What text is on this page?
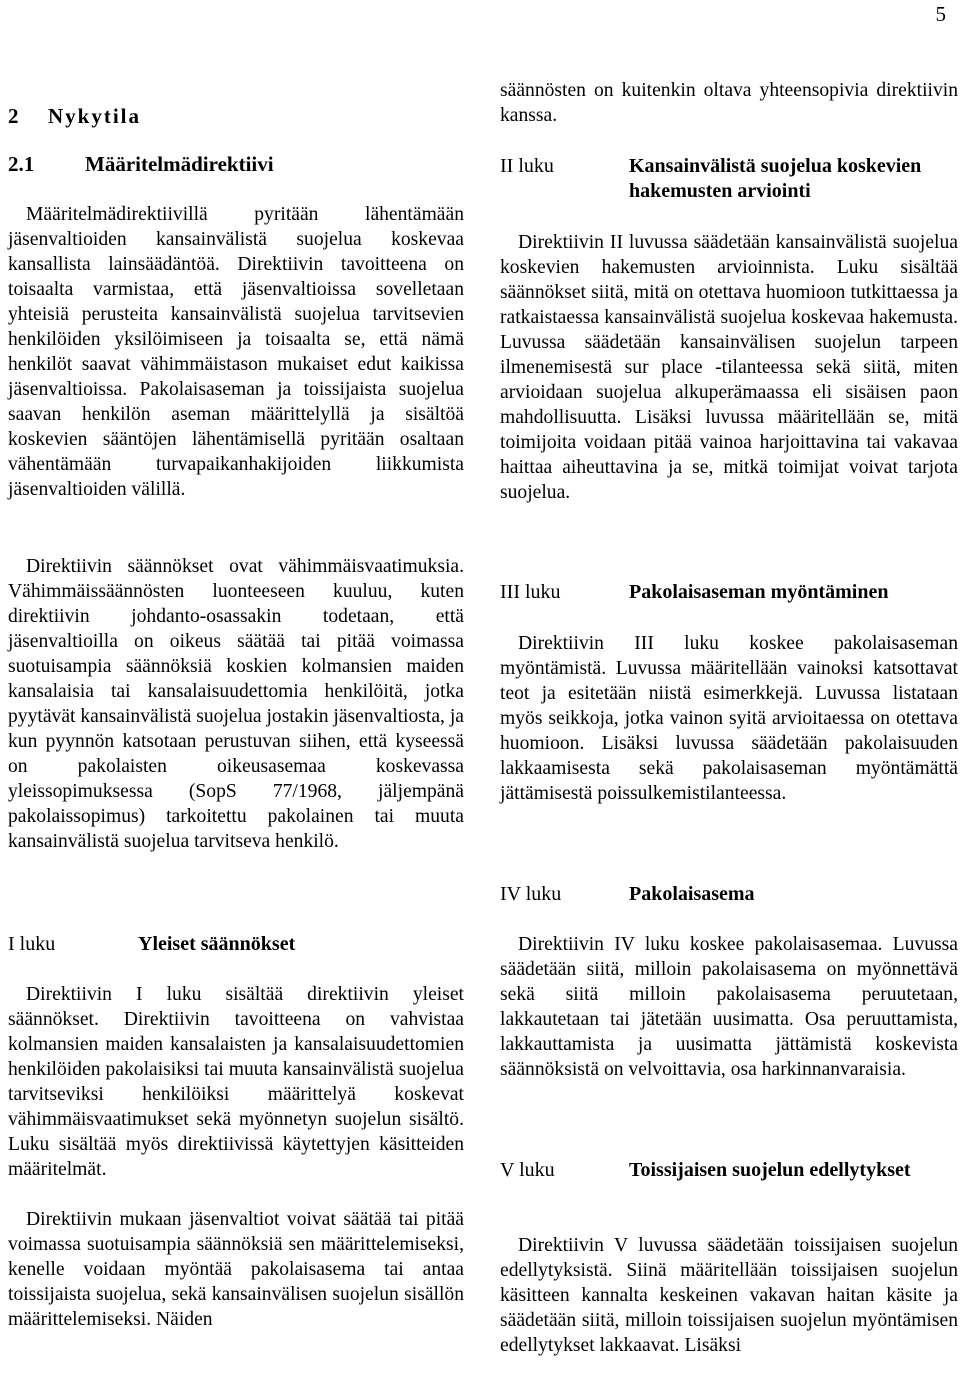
5
2 Nykytila
2.1 Määritelmädirektiivi

Määritelmädirektiivillä pyritään lähentämään jäsenvaltioiden kansainvälistä suojelua koskevaa kansallista lainsäädäntöä. Direktiivin tavoitteena on toisaalta varmistaa, että jäsenvaltioissa sovelletaan yhteisiä perusteita kansainvälistä suojelua tarvitsevien henkilöiden yksilöimiseen ja toisaalta se, että nämä henkilöt saavat vähimmäistason mukaiset edut kaikissa jäsenvaltioissa. Pakolaisaseman ja toissijaista suojelua saavan henkilön aseman määrittelyllä ja sisältöä koskevien sääntöjen lähentämisellä pyritään osaltaan vähentämään turvapaikanhakijoiden liikkumista jäsenvaltioiden välillä.

Direktiivin säännökset ovat vähimmäisvaatimuksia. Vähimmäissäännösten luonteeseen kuuluu, kuten direktiivin johdanto-osassakin todetaan, että jäsenvaltioilla on oikeus säätää tai pitää voimassa suotuisampia säännöksiä koskien kolmansien maiden kansalaisia tai kansalaisuudettomia henkilöitä, jotka pyytävät kansainvälistä suojelua jostakin jäsenvaltiosta, ja kun pyynnön katsotaan perustuvan siihen, että kyseessä on pakolaisten oikeusasemaa koskevassa yleissopimuksessa (SopS 77/1968, jäljempänä pakolaissopimus) tarkoitettu pakolainen tai muuta kansainvälistä suojelua tarvitseva henkilö.

I luku	Yleiset säännökset

Direktiivin I luku sisältää direktiivin yleiset säännökset. Direktiivin tavoitteena on vahvistaa kolmansien maiden kansalaisten ja kansalaisuudettomien henkilöiden pakolaisiksi tai muuta kansainvälistä suojelua tarvitseviksi henkilöiksi määrittelyä koskevat vähimmäisvaatimukset sekä myönnetyn suojelun sisältö. Luku sisältää myös direktiivissä käytettyjen käsitteiden määritelmät.

Direktiivin mukaan jäsenvaltiot voivat säätää tai pitää voimassa suotuisampia säännöksiä sen määrittelemiseksi, kenelle voidaan myöntää pakolaisasema tai antaa toissijaista suojelua, sekä kansainvälisen suojelun sisällön määrittelemiseksi. Näiden

säännösten on kuitenkin oltava yhteensopivia direktiivin kanssa.

II luku	Kansainvälistä suojelua koskevien hakemusten arviointi

Direktiivin II luvussa säädetään kansainvälistä suojelua koskevien hakemusten arvioinnista. Luku sisältää säännökset siitä, mitä on otettava huomioon tutkittaessa ja ratkaistaessa kansainvälistä suojelua koskevaa hakemusta. Luvussa säädetään kansainvälisen suojelun tarpeen ilmenemisestä sur place -tilanteessa sekä siitä, miten arvioidaan suojelua alkuperämaassa eli sisäisen paon mahdollisuutta. Lisäksi luvussa määritellään se, mitä toimijoita voidaan pitää vainoa harjoittavina tai vakavaa haittaa aiheuttavina ja se, mitkä toimijat voivat tarjota suojelua.

III luku	Pakolaisaseman myöntäminen

Direktiivin III luku koskee pakolaisaseman myöntämistä. Luvussa määritellään vainoksi katsottavat teot ja esitetään niistä esimerkkejä. Luvussa listataan myös seikkoja, jotka vainon syitä arvioitaessa on otettava huomioon. Lisäksi luvussa säädetään pakolaisuuden lakkaamisesta sekä pakolaisaseman myöntämättä jättämisestä poissulkemistilanteessa.

IV luku	Pakolaisasema

Direktiivin IV luku koskee pakolaisasemaa. Luvussa säädetään siitä, milloin pakolaisasema on myönnettävä sekä siitä milloin pakolaisasema peruutetaan, lakkautetaan tai jätetään uusimatta. Osa peruuttamista, lakkauttamista ja uusimatta jättämistä koskevista säännöksistä on velvoittavia, osa harkinnanvaraisia.

V luku	Toissijaisen suojelun edellytykset

Direktiivin V luvussa säädetään toissijaisen suojelun edellytyksistä. Siinä määritellään toissijaisen suojelun käsitteen kannalta keskeinen vakavan haitan käsite ja säädetään siitä, milloin toissijaisen suojelun myöntämisen edellytykset lakkaavat. Lisäksi
